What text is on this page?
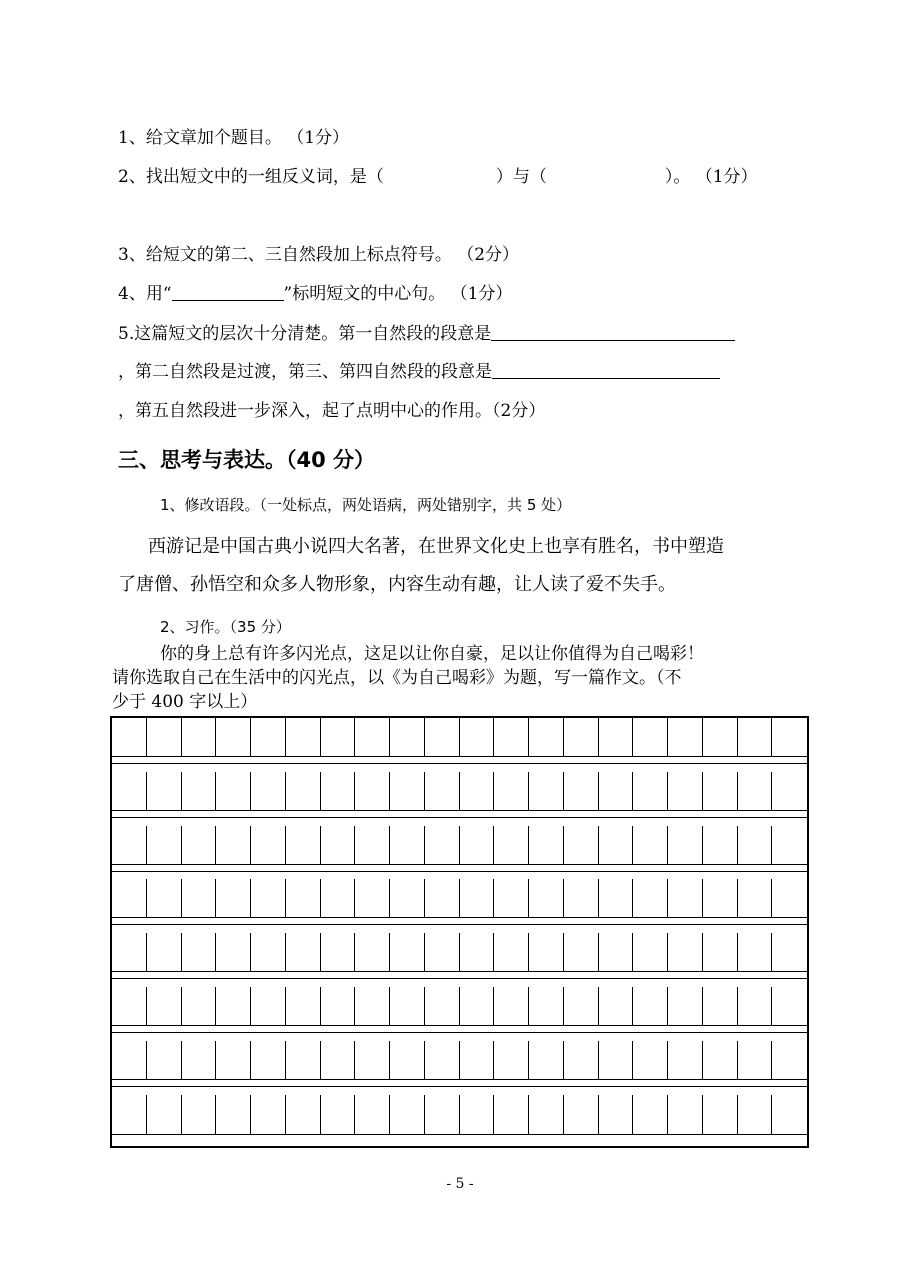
1、给文章加个题目。 （1分）
2、找出短文中的一组反义词，是（	）与（	）。 （1分）
3、给短文的第二、三自然段加上标点符号。 （2分）
4、用“	”标明短文的中心句。 （1分）
5.这篇短文的层次十分清楚。第一自然段的段意是
，第二自然段是过渡，第三、第四自然段的段意是
，第五自然段进一步深入，起了点明中心的作用。（2分）
三、思考与表达。（40 分）
1、修改语段。（一处标点，两处语病，两处错别字，共 5 处）
西游记是中国古典小说四大名著，在世界文化史上也享有胜名，书中塑造
了唐僧、孙悟空和众多人物形象，内容生动有趣，让人读了爱不失手。
2、习作。（35 分）
你的身上总有许多闪光点，这足以让你自豪，足以让你值得为自己喝彩！
请你选取自己在生活中的闪光点，以《为自己喝彩》为题，写一篇作文。（不
少于 400 字以上）
- 5 -
